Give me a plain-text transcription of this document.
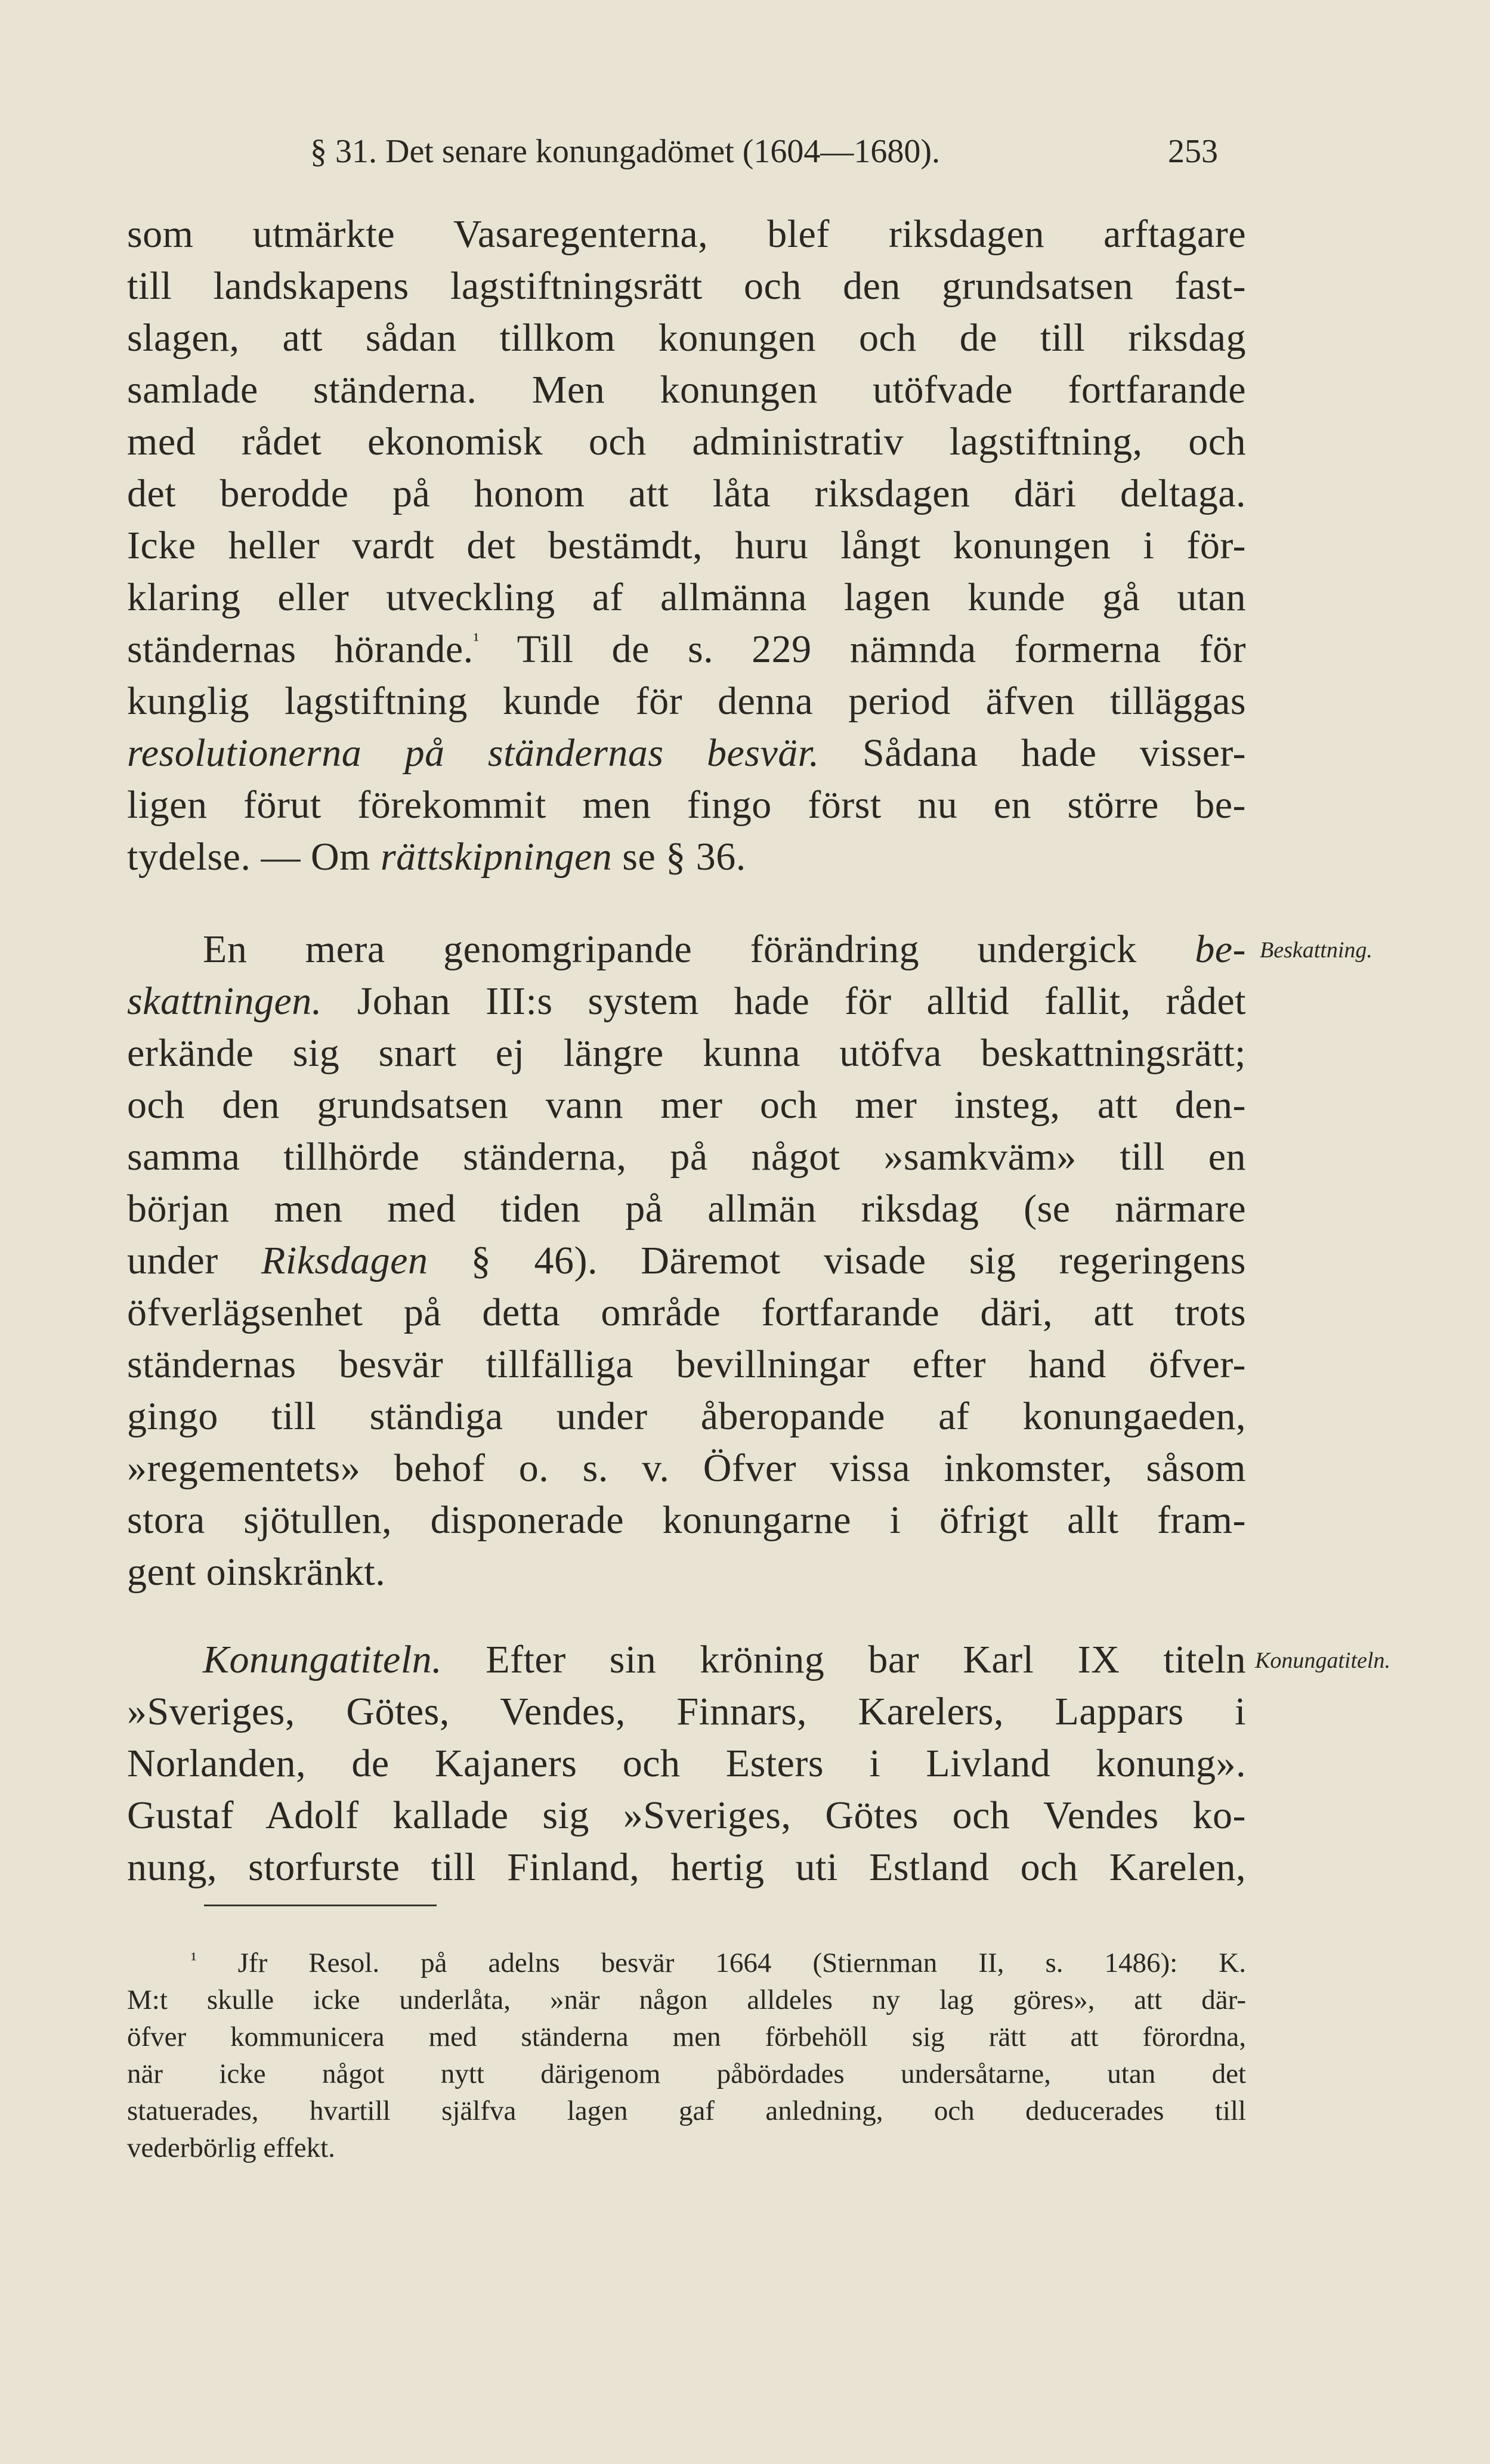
§ 31. Det senare konungadömet (1604—1680).	253
som utmärkte Vasaregenterna, blef riksdagen arftagare
till landskapens lagstiftningsrätt och den grundsatsen fast-
slagen, att sådan tillkom konungen och de till riksdag
samlade ständerna. Men konungen utöfvade fortfarande
med rådet ekonomisk och administrativ lagstiftning, och
det berodde på honom att låta riksdagen däri deltaga.
Icke heller vardt det bestämdt, huru långt konungen i för-
klaring eller utveckling af allmänna lagen kunde gå utan
ständernas hörande.$^{^1}$ Till de s. 229 nämnda formerna för
kunglig lagstiftning kunde för denna period äfven tilläggas
resolutionerna på ständernas besvär. Sådana hade visser-
ligen förut förekommit men fingo först nu en större be-
tydelse. — Om rättskipningen se § 36.
En mera genomgripande förändring undergick be-
skattningen. Johan III:s system hade för alltid fallit, rådet
erkände sig snart ej längre kunna utöfva beskattningsrätt;
och den grundsatsen vann mer och mer insteg, att den-
samma tillhörde ständerna, på något »samkväm» till en
början men med tiden på allmän riksdag (se närmare
under Riksdagen § 46). Däremot visade sig regeringens
öfverlägsenhet på detta område fortfarande däri, att trots
ständernas besvär tillfälliga bevillningar efter hand öfver-
gingo till ständiga under åberopande af konungaeden,
»regementets» behof o. s. v. Öfver vissa inkomster, såsom
stora sjötullen, disponerade konungarne i öfrigt allt fram-
gent oinskränkt.
Konungatiteln. Efter sin kröning bar Karl IX titeln
»Sveriges, Götes, Vendes, Finnars, Karelers, Lappars i
Norlanden, de Kajaners och Esters i Livland konung».
Gustaf Adolf kallade sig »Sveriges, Götes och Vendes ko-
nung, storfurste till Finland, hertig uti Estland och Karelen,
Beskattning.
Konungatiteln.
$^{^1}$ Jfr Resol. på adelns besvär 1664 (Stiernman II, s. 1486): K.
M:t skulle icke underlåta, »när någon alldeles ny lag göres», att där-
öfver kommunicera med ständerna men förbehöll sig rätt att förordna,
när icke något nytt därigenom påbördades undersåtarne, utan det
statuerades, hvartill själfva lagen gaf anledning, och deducerades till
vederbörlig effekt.
